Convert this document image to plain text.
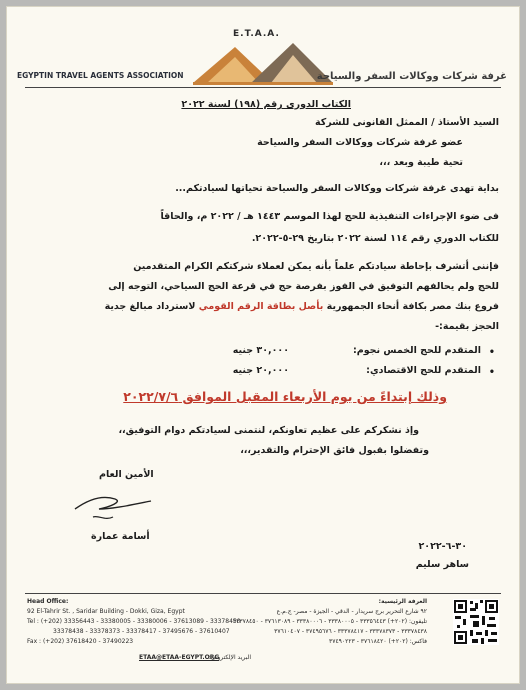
E.T.A.A.
EGYPTIN TRAVEL AGENTS ASSOCIATION	غرفة شركات ووكالات السفر والسياحة
الكتاب الدورى رقم (١٩٨) لسنة ٢٠٢٢
السيد الأستاذ / الممثل القانونى للشركة
عضو غرفة شركات ووكالات السفر والسياحة
تحية طيبة وبعد ،،،
بداية تهدى غرفة شركات ووكالات السفر والسياحة تحياتها لسيادتكم...
فى ضوء الإجراءات التنفيذية للحج لهذا الموسم ١٤٤٣ هـ / ٢٠٢٢ م، والحاقاً
للكتاب الدوري رقم ١١٤ لسنة ٢٠٢٢ بتاريخ ٢٩-٥-٢٠٢٢.
فإننى أتشرف بإحاطة سيادتكم علماً بأنه يمكن لعملاء شركتكم الكرام المتقدمين
للحج ولم يحالفهم التوفيق في الفوز بفرصة حج في قرعة الحج السياحي، التوجه إلى
فروع بنك مصر بكافة أنحاء الجمهورية بأصل بطاقة الرقم القومي لاسترداد مبالغ جدية
الحجز بقيمة:-
•
المتقدم للحج الخمس نجوم:
٣٠,٠٠٠ جنيه
•
المتقدم للحج الاقتصادي:
٢٠,٠٠٠ جنيه
وذلك إبتداءً من يوم الأربعاء المقبل الموافق ٢٠٢٢/٧/٦
وإذ نشكركم على عظيم تعاونكم، لنتمنى لسيادتكم دوام التوفيق،،
وتفضلوا بقبول فائق الإحترام والتقدير،،،
الأمين العام
أسامة عمارة
٣٠-٦-٢٠٢٢
ساهر سليم
Head Office:
92 El-Tahrir St. , Saridar Building - Dokki, Giza, Egypt
Tel : (+202) 33356443 - 33380005 - 33380006 - 37613089 - 33378450
33378438 - 33378373 - 33378417 - 37495676 - 37610407
Fax : (+202) 37618420 - 37490223
الغرفة الرئيسية:
٩٢ شارع التحرير برج سريدار - الدقي - الجيزة - مصر- ج.م.ع
تليفون: (٢٠٢+) ٣٣٣٥٦٤٤٣ - ٣٣٣٨٠٠٠٥ - ٣٣٣٨٠٠٠٦ - ٣٧٦١٣٠٨٩ - ٣٣٣٧٨٤٥٠
٣٣٣٧٨٤٣٨ - ٣٣٣٧٨٣٧٣ - ٣٣٣٧٨٤١٧ - ٣٧٤٩٥٦٧٦ - ٣٧٦١٠٤٠٧
فاكس: (٢٠٢+) ٣٧٦١٨٤٢٠ - ٣٧٤٩٠٢٢٣
البريد الإلكتروني:
ETAA@ETAA-EGYPT.ORG
